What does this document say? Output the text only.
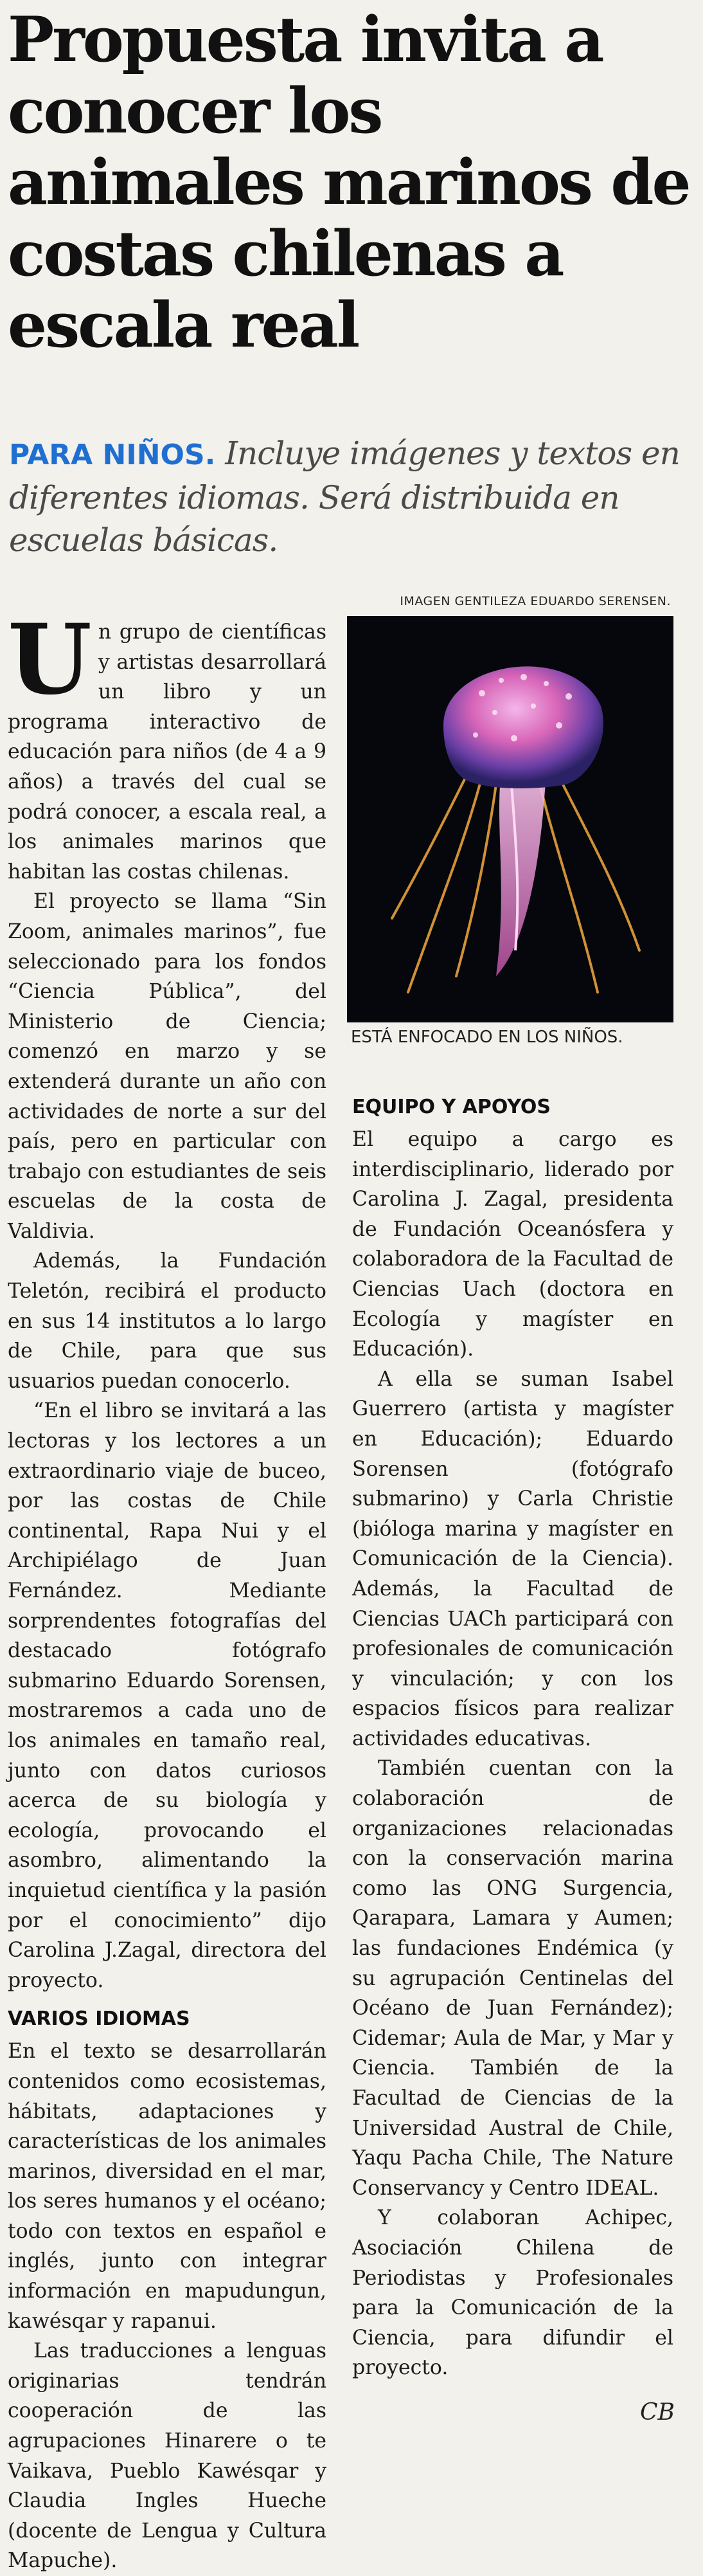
Propuesta invita a conocer los animales marinos de costas chilenas a escala real

PARA NIÑOS. Incluye imágenes y textos en diferentes idiomas. Será distribuida en escuelas básicas.

Un grupo de científicas y artistas desarrollará un libro y un programa interactivo de educación para niños (de 4 a 9 años) a través del cual se podrá conocer, a escala real, a los animales marinos que habitan las costas chilenas.

El proyecto se llama “Sin Zoom, animales marinos”, fue seleccionado para los fondos “Ciencia Pública”, del Ministerio de Ciencia; comenzó en marzo y se extenderá durante un año con actividades de norte a sur del país, pero en particular con trabajo con estudiantes de seis escuelas de la costa de Valdivia.

Además, la Fundación Teletón, recibirá el producto en sus 14 institutos a lo largo de Chile, para que sus usuarios puedan conocerlo.

“En el libro se invitará a las lectoras y los lectores a un extraordinario viaje de buceo, por las costas de Chile continental, Rapa Nui y el Archipiélago de Juan Fernández. Mediante sorprendentes fotografías del destacado fotógrafo submarino Eduardo Sorensen, mostraremos a cada uno de los animales en tamaño real, junto con datos curiosos acerca de su biología y ecología, provocando el asombro, alimentando la inquietud científica y la pasión por el conocimiento” dijo Carolina J.Zagal, directora del proyecto.

VARIOS IDIOMAS

En el texto se desarrollarán contenidos como ecosistemas, hábitats, adaptaciones y características de los animales marinos, diversidad en el mar, los seres humanos y el océano; todo con textos en español e inglés, junto con integrar información en mapudungun, kawésqar y rapanui.

Las traducciones a lenguas originarias tendrán cooperación de las agrupaciones Hinarere o te Vaikava, Pueblo Kawésqar y Claudia Ingles Hueche (docente de Lengua y Cultura Mapuche).

IMAGEN GENTILEZA EDUARDO SERENSEN.

ESTÁ ENFOCADO EN LOS NIÑOS.

EQUIPO Y APOYOS

El equipo a cargo es interdisciplinario, liderado por Carolina J. Zagal, presidenta de Fundación Oceanósfera y colaboradora de la Facultad de Ciencias Uach (doctora en Ecología y magíster en Educación).

A ella se suman Isabel Guerrero (artista y magíster en Educación); Eduardo Sorensen (fotógrafo submarino) y Carla Christie (bióloga marina y magíster en Comunicación de la Ciencia). Además, la Facultad de Ciencias UACh participará con profesionales de comunicación y vinculación; y con los espacios físicos para realizar actividades educativas.

También cuentan con la colaboración de organizaciones relacionadas con la conservación marina como las ONG Surgencia, Qarapara, Lamara y Aumen; las fundaciones Endémica (y su agrupación Centinelas del Océano de Juan Fernández); Cidemar; Aula de Mar, y Mar y Ciencia. También de la Facultad de Ciencias de la Universidad Austral de Chile, Yaqu Pacha Chile, The Nature Conservancy y Centro IDEAL.

Y colaboran Achipec, Asociación Chilena de Periodistas y Profesionales para la Comunicación de la Ciencia, para difundir el proyecto.

CB
